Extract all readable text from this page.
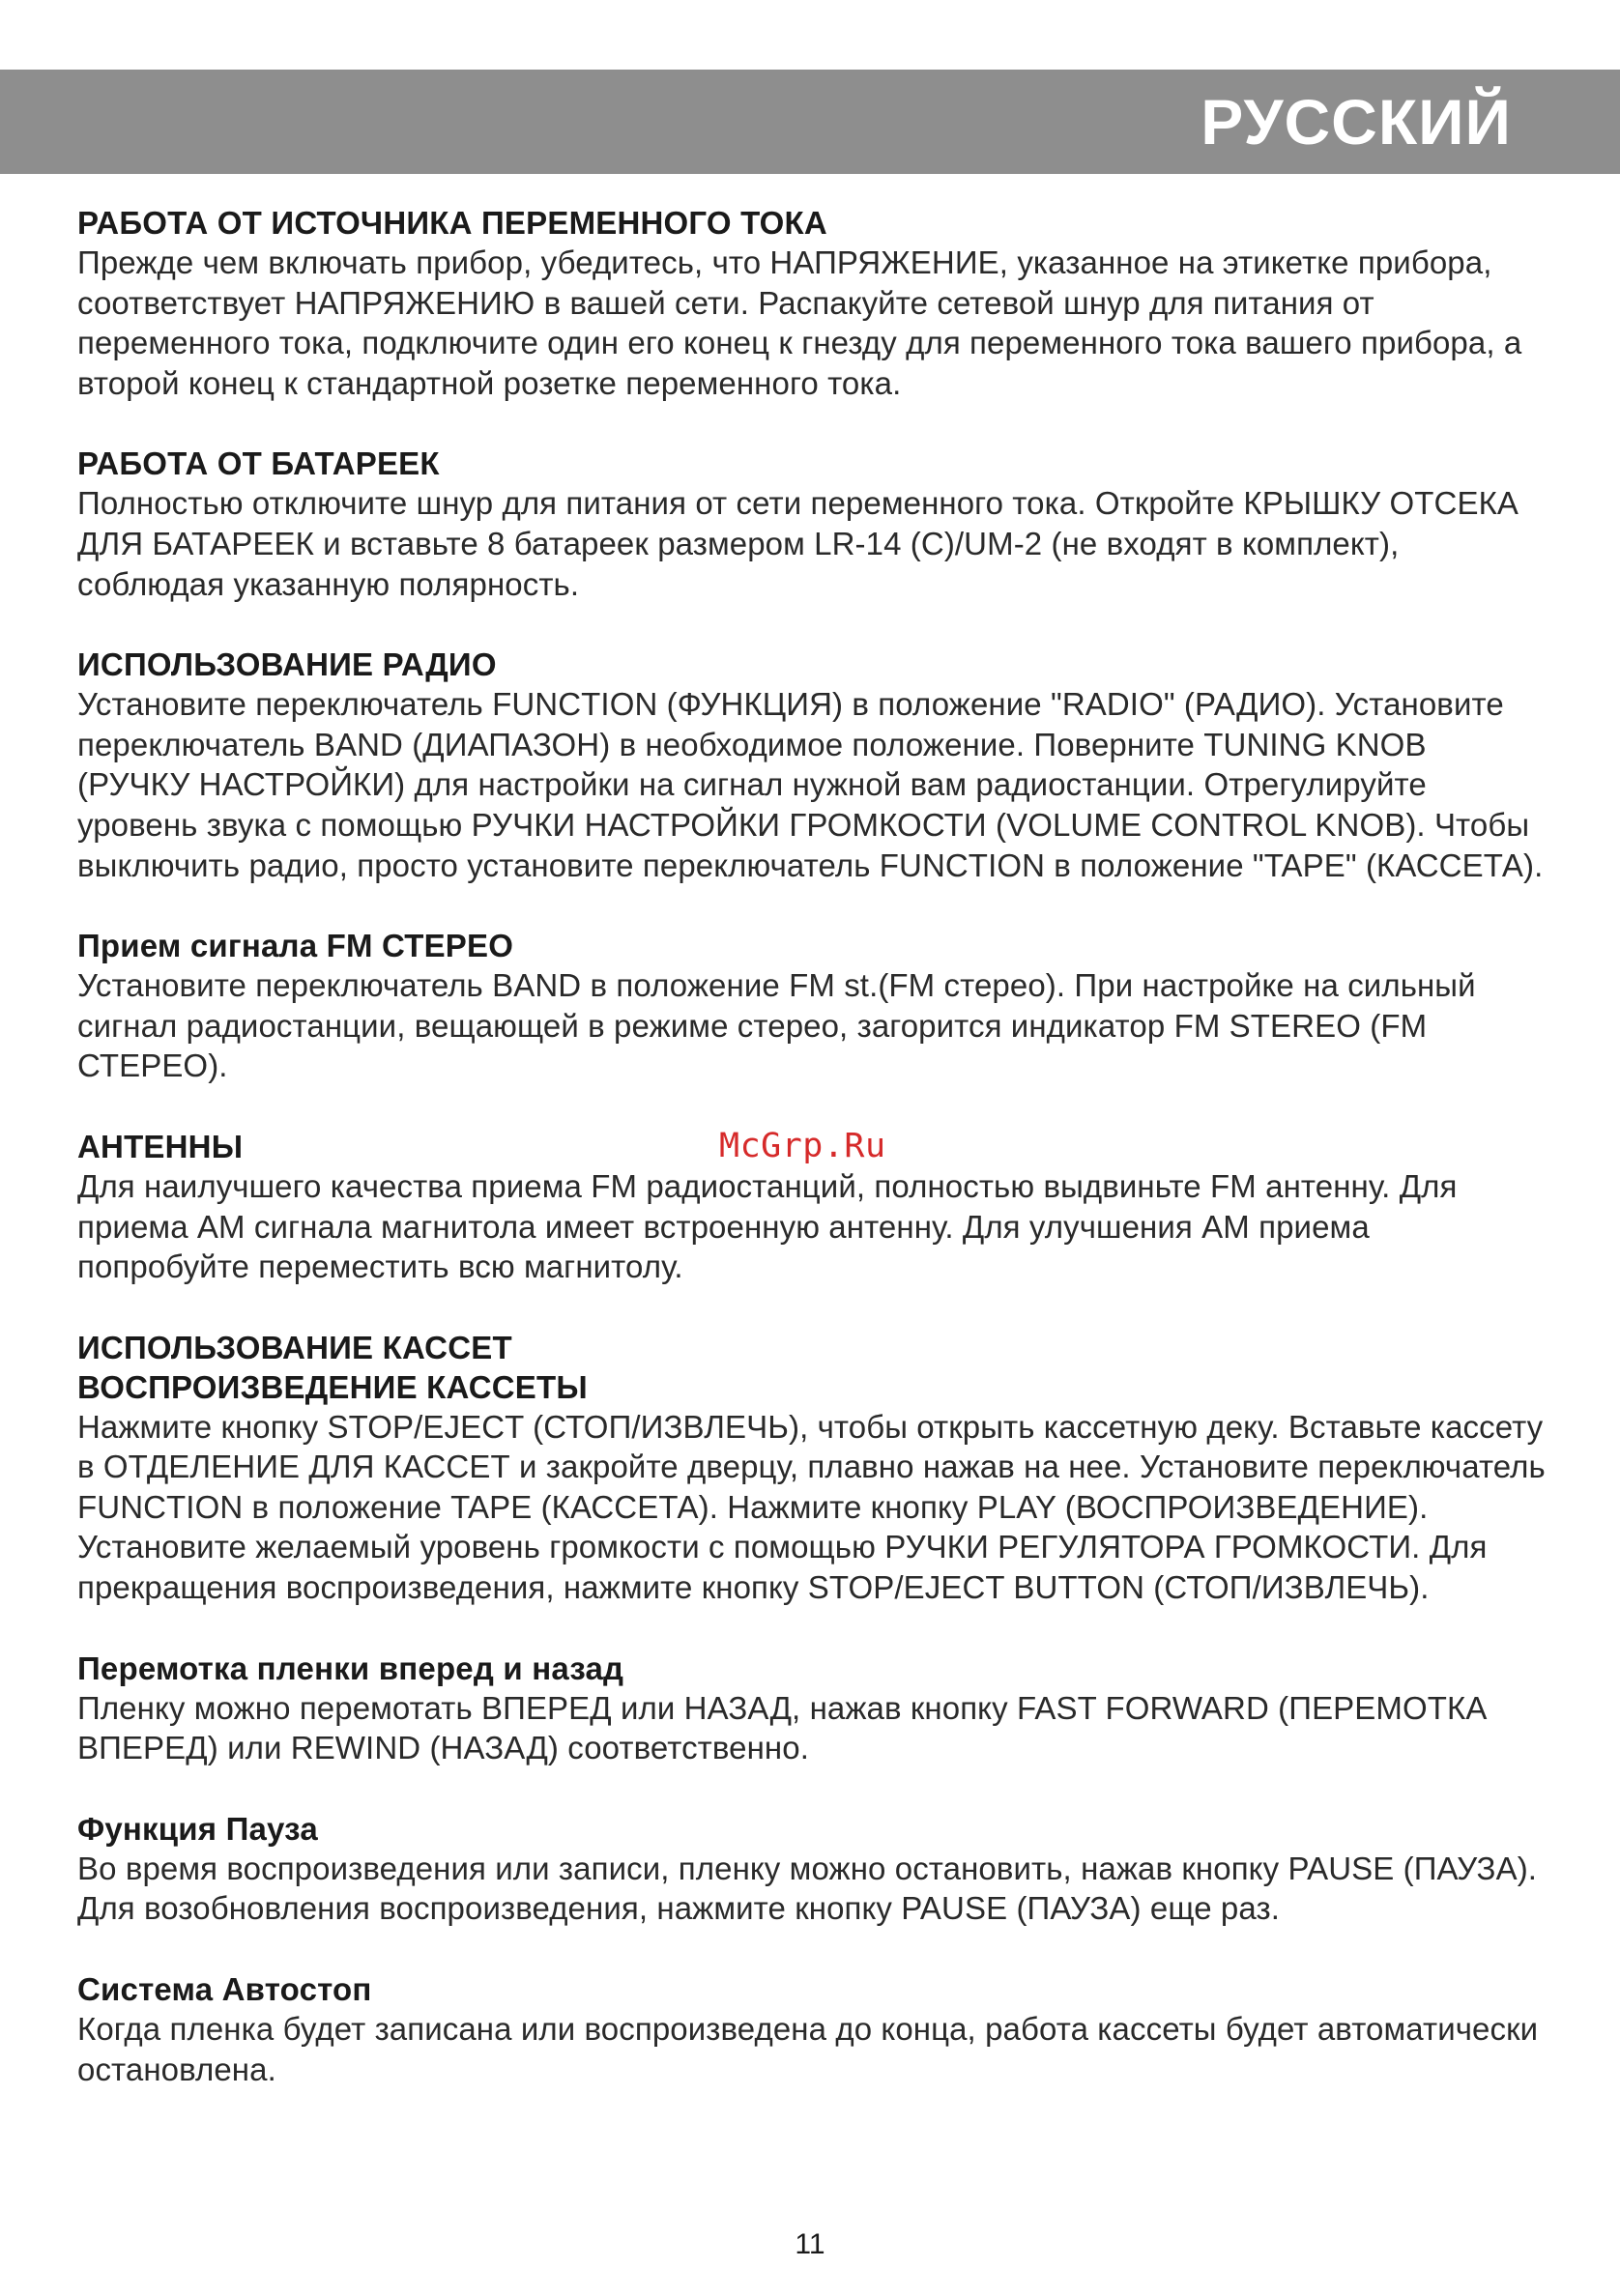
РУССКИЙ
РАБОТА ОТ ИСТОЧНИКА ПЕРЕМЕННОГО ТОКА
Прежде чем включать прибор, убедитесь, что НАПРЯЖЕНИЕ, указанное на этикетке прибора, соответствует НАПРЯЖЕНИЮ в вашей сети. Распакуйте сетевой шнур для питания от переменного тока, подключите один его конец к гнезду для переменного тока вашего прибора, а второй конец к стандартной розетке переменного тока.
РАБОТА ОТ БАТАРЕЕК
Полностью отключите шнур для питания от сети переменного тока. Откройте КРЫШКУ ОТСЕКА ДЛЯ БАТАРЕЕК и вставьте 8 батареек размером LR-14 (C)/UM-2 (не входят в комплект), соблюдая указанную полярность.
ИСПОЛЬЗОВАНИЕ РАДИО
Установите переключатель FUNCTION (ФУНКЦИЯ) в положение "RADIO" (РАДИО). Установите переключатель BAND (ДИАПАЗОН) в необходимое положение. Поверните TUNING KNOB (РУЧКУ НАСТРОЙКИ) для настройки на сигнал нужной вам радиостанции. Отрегулируйте уровень звука с помощью РУЧКИ НАСТРОЙКИ ГРОМКОСТИ (VOLUME CONTROL KNOB). Чтобы выключить радио, просто установите переключатель FUNCTION в положение "TAPE" (КАССЕТА).
Прием сигнала FM СТЕРЕО
Установите переключатель BAND в положение FM st.(FM стерео). При настройке на сильный сигнал радиостанции, вещающей в режиме стерео, загорится индикатор FM STEREO (FM СТЕРЕО).
АНТЕННЫ
Для наилучшего качества приема FM радиостанций, полностью выдвиньте FM антенну. Для приема AM сигнала магнитола имеет встроенную антенну. Для улучшения AM приема попробуйте переместить всю магнитолу.
ИСПОЛЬЗОВАНИЕ КАССЕТ
ВОСПРОИЗВЕДЕНИЕ КАССЕТЫ
Нажмите кнопку STOP/EJECT (СТОП/ИЗВЛЕЧЬ), чтобы открыть кассетную деку. Вставьте кассету в ОТДЕЛЕНИЕ ДЛЯ КАССЕТ и закройте дверцу, плавно нажав на нее. Установите переключатель FUNCTION в положение TAPE (КАССЕТА). Нажмите кнопку PLAY (ВОСПРОИЗВЕДЕНИЕ). Установите желаемый уровень громкости с помощью РУЧКИ РЕГУЛЯТОРА ГРОМКОСТИ. Для прекращения воспроизведения, нажмите кнопку STOP/EJECT BUTTON (СТОП/ИЗВЛЕЧЬ).
Перемотка пленки вперед и назад
Пленку можно перемотать ВПЕРЕД или НАЗАД, нажав кнопку FAST FORWARD (ПЕРЕМОТКА ВПЕРЕД) или REWIND (НАЗАД) соответственно.
Функция Пауза
Во время воспроизведения или записи, пленку можно остановить, нажав кнопку PAUSE (ПАУЗА). Для возобновления воспроизведения, нажмите кнопку PAUSE (ПАУЗА) еще раз.
Система Автостоп
Когда пленка будет записана или воспроизведена до конца, работа кассеты будет автоматически остановлена.
McGrp.Ru
11
